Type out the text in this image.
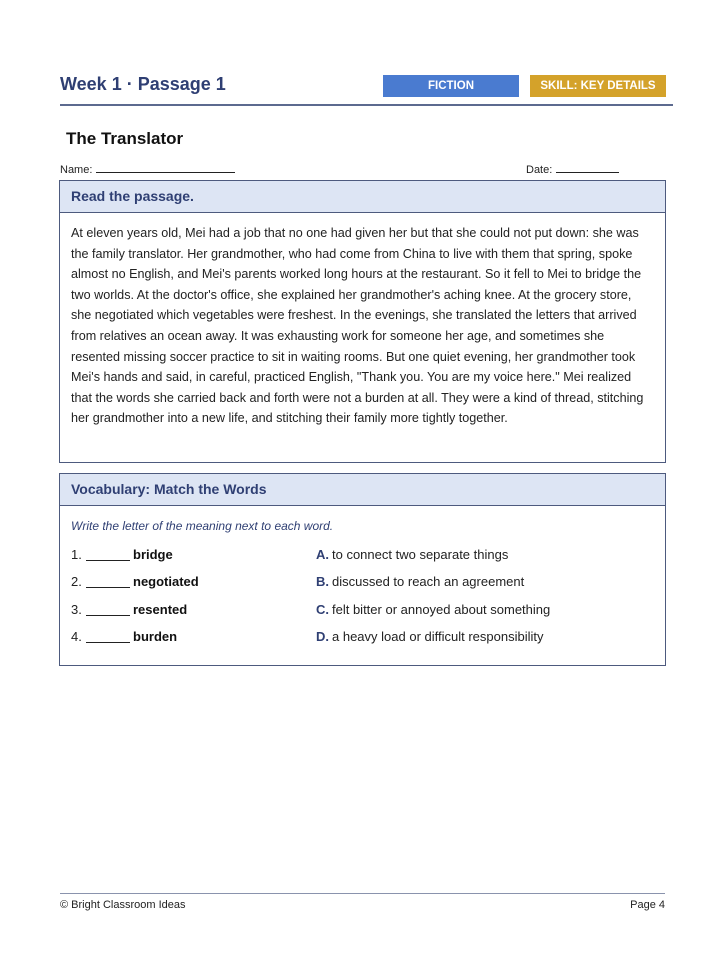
Week 1 · Passage 1	FICTION	SKILL: KEY DETAILS
The Translator
Name:	Date:
Read the passage.
At eleven years old, Mei had a job that no one had given her but that she could not put down: she was the family translator. Her grandmother, who had come from China to live with them that spring, spoke almost no English, and Mei's parents worked long hours at the restaurant. So it fell to Mei to bridge the two worlds. At the doctor's office, she explained her grandmother's aching knee. At the grocery store, she negotiated which vegetables were freshest. In the evenings, she translated the letters that arrived from relatives an ocean away. It was exhausting work for someone her age, and sometimes she resented missing soccer practice to sit in waiting rooms. But one quiet evening, her grandmother took Mei's hands and said, in careful, practiced English, "Thank you. You are my voice here." Mei realized that the words she carried back and forth were not a burden at all. They were a kind of thread, stitching her grandmother into a new life, and stitching their family more tightly together.
Vocabulary: Match the Words
Write the letter of the meaning next to each word.
1.	bridge	A. to connect two separate things
2.	negotiated	B. discussed to reach an agreement
3.	resented	C. felt bitter or annoyed about something
4.	burden	D. a heavy load or difficult responsibility
© Bright Classroom Ideas	Page 4
